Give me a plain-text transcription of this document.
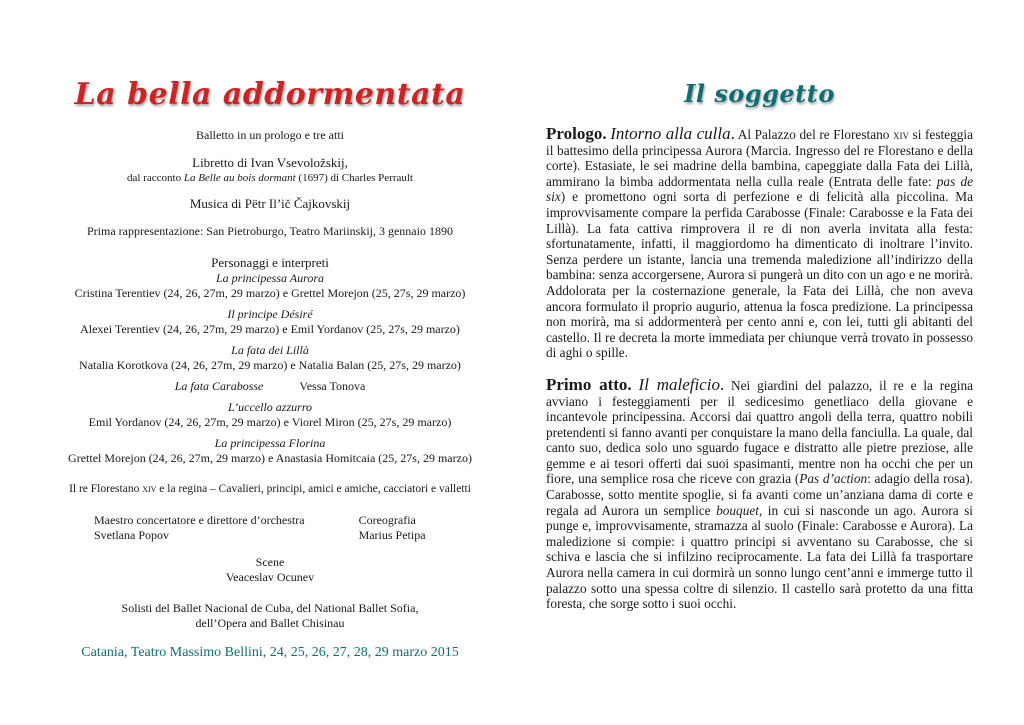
La bella addormentata
Balletto in un prologo e tre atti
Libretto di Ivan Vsevoložskij,
dal racconto La Belle au bois dormant (1697) di Charles Perrault
Musica di Pëtr Il’ič Čajkovskij
Prima rappresentazione: San Pietroburgo, Teatro Mariinskij, 3 gennaio 1890
Personaggi e interpreti
La principessa Aurora
Cristina Terentiev (24, 26, 27m, 29 marzo) e Grettel Morejon (25, 27s, 29 marzo)
Il principe Désiré
Alexei Terentiev (24, 26, 27m, 29 marzo) e Emil Yordanov (25, 27s, 29 marzo)
La fata dei Lillà
Natalia Korotkova (24, 26, 27m, 29 marzo) e Natalia Balan (25, 27s, 29 marzo)
La fata Carabosse	Vessa Tonova
L’uccello azzurro
Emil Yordanov (24, 26, 27m, 29 marzo) e Viorel Miron (25, 27s, 29 marzo)
La principessa Florina
Grettel Morejon (24, 26, 27m, 29 marzo) e Anastasia Homitcaia (25, 27s, 29 marzo)
Il re Florestano xiv e la regina – Cavalieri, principi, amici e amiche, cacciatori e valletti
Maestro concertatore e direttore d’orchestra
Svetlana Popov
Coreografia
Marius Petipa
Scene
Veaceslav Ocunev
Solisti del Ballet Nacional de Cuba, del National Ballet Sofia,
dell’Opera and Ballet Chisinau
Catania, Teatro Massimo Bellini, 24, 25, 26, 27, 28, 29 marzo 2015
Il soggetto

Prologo. Intorno alla culla. Al Palazzo del re Florestano xiv si festeggia il battesimo della principessa Aurora (Marcia. Ingresso del re Florestano e della corte). Estasiate, le sei madrine della bambina, capeggiate dalla Fata dei Lillà, ammirano la bimba addormentata nella culla reale (Entrata delle fate: pas de six) e promettono ogni sorta di perfezione e di felicità alla piccolina. Ma improvvisamente compare la perfida Carabosse (Finale: Carabosse e la Fata dei Lillà). La fata cattiva rimprovera il re di non averla invitata alla festa: sfortunatamente, infatti, il maggiordomo ha dimenticato di inoltrare l’invito. Senza perdere un istante, lancia una tremenda maledizione all’indirizzo della bambina: senza accorgersene, Aurora si pungerà un dito con un ago e ne morirà. Addolorata per la costernazione generale, la Fata dei Lillà, che non aveva ancora formulato il proprio augurio, attenua la fosca predizione. La principessa non morirà, ma si addormenterà per cento anni e, con lei, tutti gli abitanti del castello. Il re decreta la morte immediata per chiunque verrà trovato in possesso di aghi o spille.

Primo atto. Il maleficio. Nei giardini del palazzo, il re e la regina avviano i festeggiamenti per il sedicesimo genetliaco della giovane e incantevole principessina. Accorsi dai quattro angoli della terra, quattro nobili pretendenti si fanno avanti per conquistare la mano della fanciulla. La quale, dal canto suo, dedica solo uno sguardo fugace e distratto alle pietre preziose, alle gemme e ai tesori offerti dai suoi spasimanti, mentre non ha occhi che per un fiore, una semplice rosa che riceve con grazia (Pas d’action: adagio della rosa). Carabosse, sotto mentite spoglie, si fa avanti come un’anziana dama di corte e regala ad Aurora un semplice bouquet, in cui si nasconde un ago. Aurora si punge e, improvvisamente, stramazza al suolo (Finale: Carabosse e Aurora). La maledizione si compie: i quattro principi si avventano su Carabosse, che si schiva e lascia che si infilzino reciprocamente. La fata dei Lillà fa trasportare Aurora nella camera in cui dormirà un sonno lungo cent’anni e immerge tutto il palazzo sotto una spessa coltre di silenzio. Il castello sarà protetto da una fitta foresta, che sorge sotto i suoi occhi.
